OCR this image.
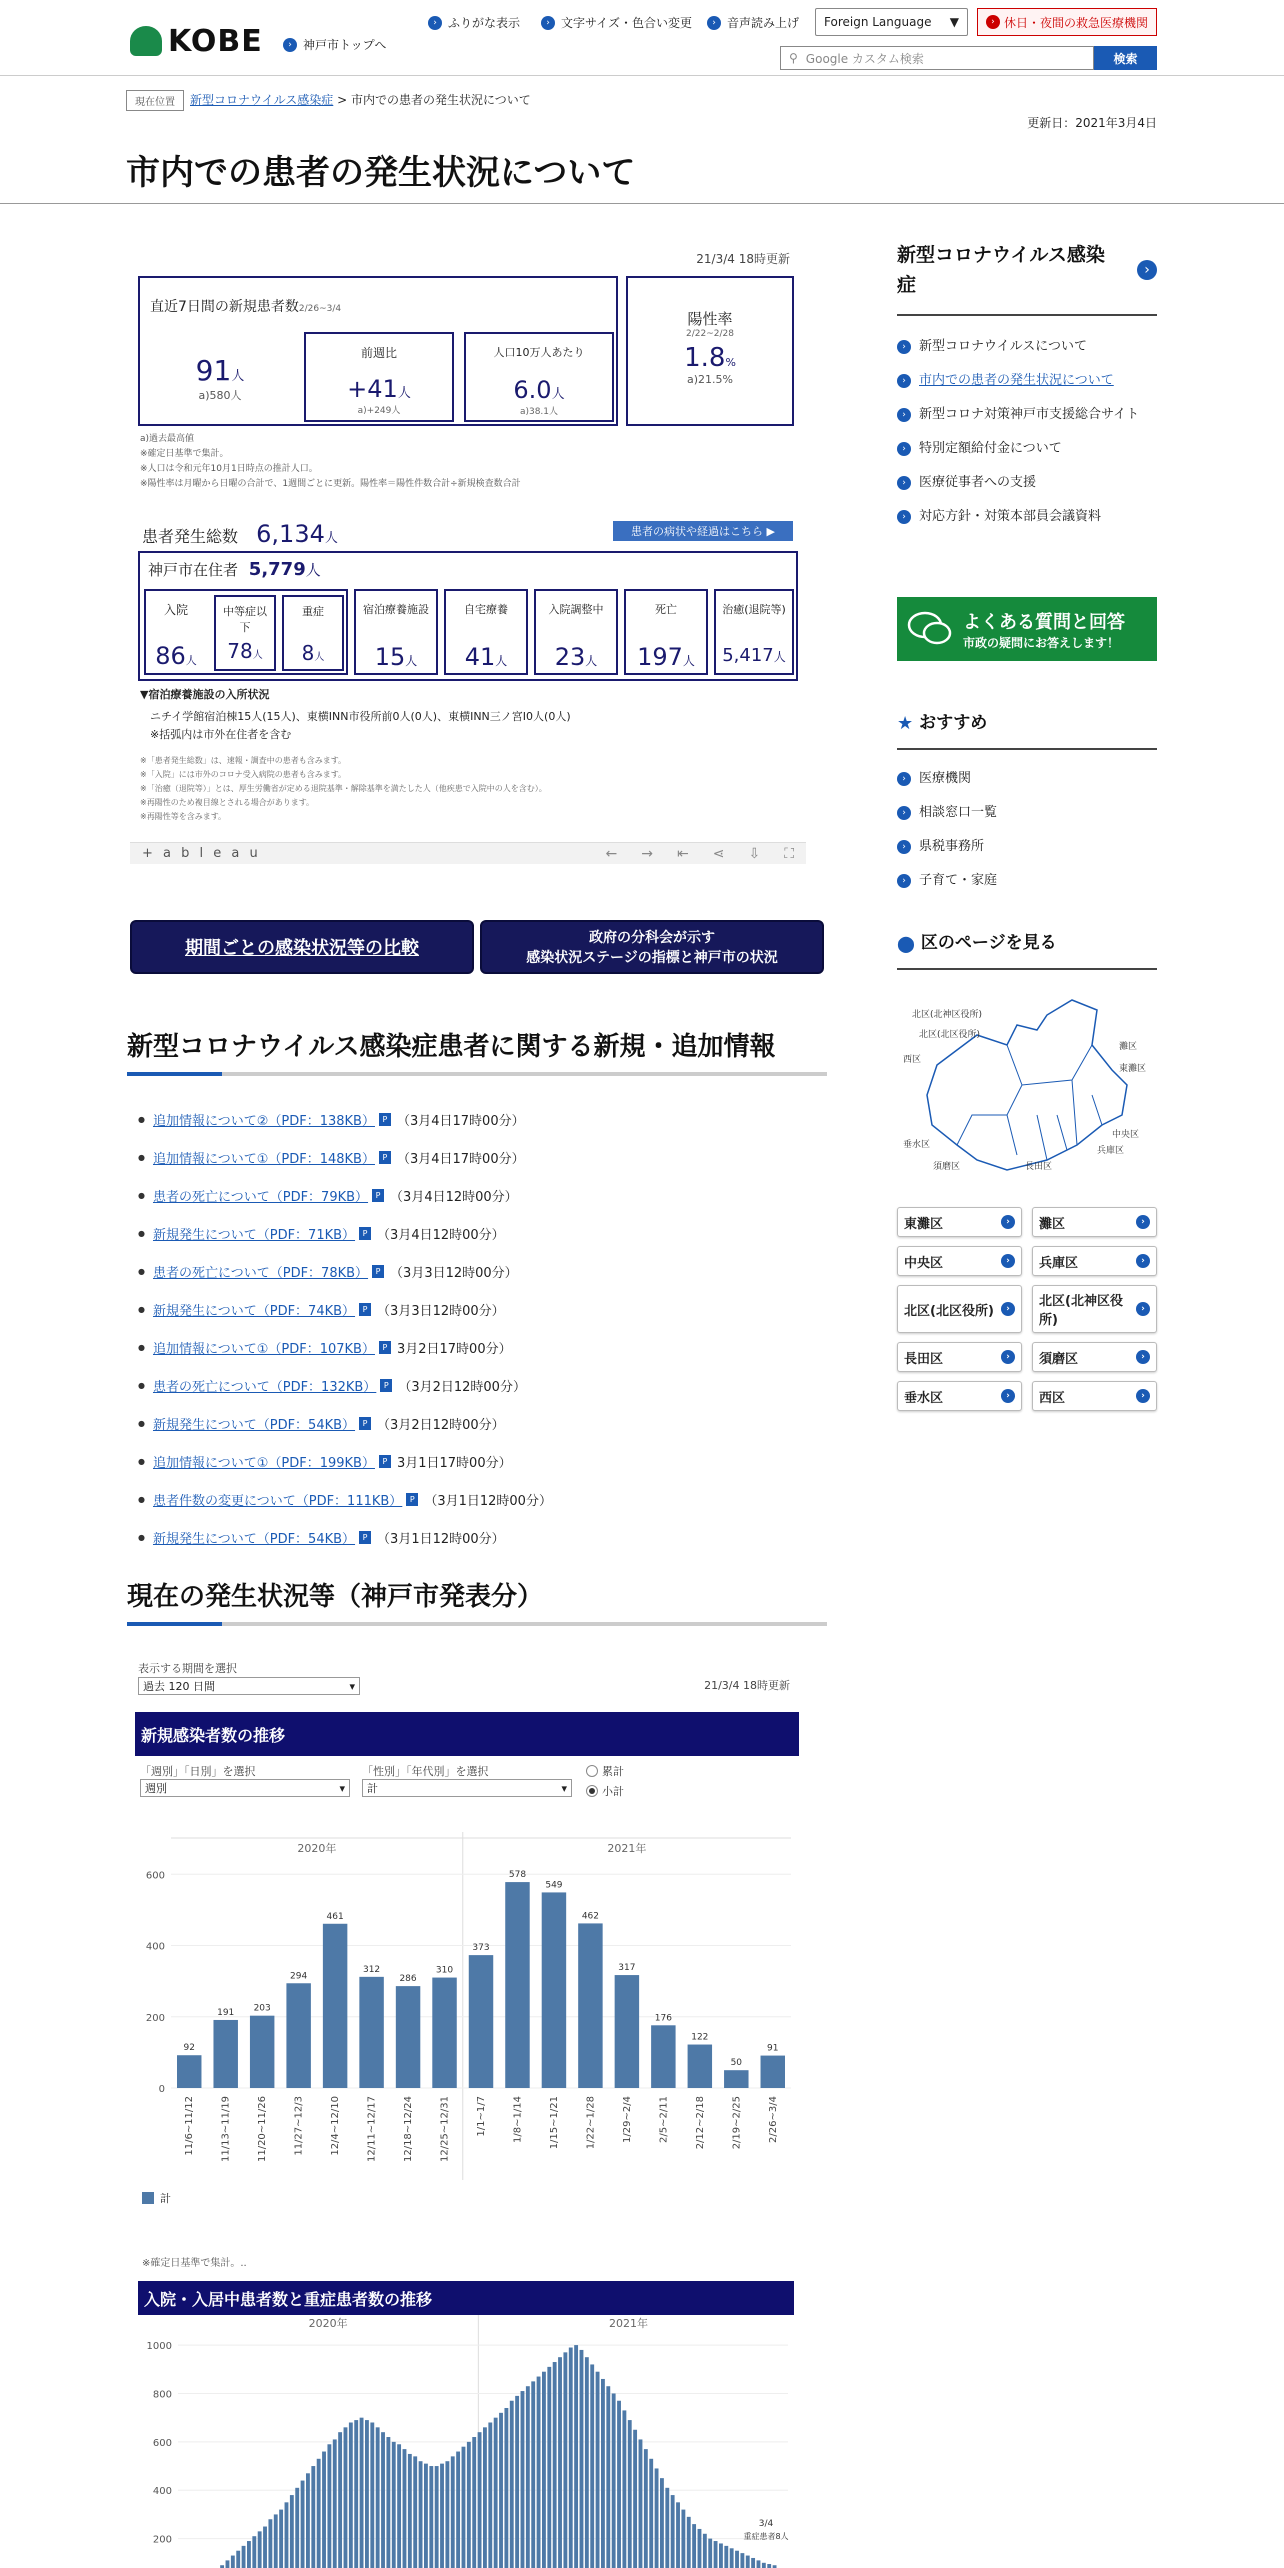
KOBE	› 神戸市トップへ
› ふりがな表示	› 文字サイズ・色合い変更	› 音声読み上げ Foreign Language ▼	› 休日・夜間の救急医療機関
⚲ Google カスタム検索	検索
現在位置	新型コロナウイルス感染症 > 市内での患者の発生状況について
更新日：2021年3月4日
市内での患者の発生状況について
21/3/4 18時更新
直近7日間の新規患者数2/26~3/4
91人
a)580人
前週比
+41人
a)+249人
人口10万人あたり
6.0人
a)38.1人
陽性率
2/22~2/28
1.8%
a)21.5%
a)過去最高値
※確定日基準で集計。
※人口は令和元年10月1日時点の推計人口。
※陽性率は月曜から日曜の合計で、1週間ごとに更新。陽性率＝陽性件数合計÷新規検査数合計
患者発生総数 6,134人	患者の病状や経過はこちら ▶
神戸市在住者 5,779人
入院
86人
中等症以下
78人
重症
8人
宿泊療養施設
15人
自宅療養
41人
入院調整中
23人
死亡
197人
治癒(退院等)
5,417人
▼宿泊療養施設の入所状況
ニチイ学館宿泊棟15人(15人)、東横INN市役所前0人(0人)、東横INN三ノ宮Ⅰ0人(0人)
※括弧内は市外在住者を含む
※「患者発生総数」は、速報・調査中の患者も含みます。
※「入院」には市外のコロナ受入病院の患者も含みます。
※「治癒（退院等）」とは、厚生労働省が定める退院基準・解除基準を満たした人（他疾患で入院中の人を含む）。
※再陽性のため複目線とされる場合があります。
※再陽性等を含みます。
+ a b l e a u	← → ⇤ ⋖ ⇩ ⛶
期間ごとの感染状況等の比較	政府の分科会が示す
感染状況ステージの指標と神戸市の状況
新型コロナウイルス感染症患者に関する新規・追加情報
● 追加情報について②（PDF：138KB） P （3月4日17時00分）
● 追加情報について①（PDF：148KB） P （3月4日17時00分）
● 患者の死亡について（PDF：79KB） P （3月4日12時00分）
● 新規発生について（PDF：71KB） P （3月4日12時00分）
● 患者の死亡について（PDF：78KB） P （3月3日12時00分）
● 新規発生について（PDF：74KB） P （3月3日12時00分）
● 追加情報について①（PDF：107KB） P 3月2日17時00分）
● 患者の死亡について（PDF：132KB） P （3月2日12時00分）
● 新規発生について（PDF：54KB） P （3月2日12時00分）
● 追加情報について①（PDF：199KB） P 3月1日17時00分）
● 患者件数の変更について（PDF：111KB） P （3月1日12時00分）
● 新規発生について（PDF：54KB） P （3月1日12時00分）
現在の発生状況等（神戸市発表分）
表示する期間を選択
過去 120 日間	▾	21/3/4 18時更新
新規感染者数の推移
「週別」「日別」を選択
週別	▾
「性別」「年代別」を選択
計	▾
累計
小計
2020年	2021年
0
200
400
600
92
11/6~11/12
191
11/13~11/19
203
11/20~11/26
294
11/27~12/3
461
12/4~12/10
312
12/11~12/17
286
12/18~12/24
310
12/25~12/31
373
1/1~1/7
578
1/8~1/14
549
1/15~1/21
462
1/22~1/28
317
1/29~2/4
176
2/5~2/11
122
2/12~2/18
50
2/19~2/25
91
2/26~3/4
計
※確定日基準で集計。..
入院・入居中患者数と重症患者数の推移
2020年	2021年
200
400
600
800
1000
3/4
重症患者8人
新型コロナウイルス感染症
›
›	新型コロナウイルスについて
›	市内での患者の発生状況について
›	新型コロナ対策神戸市支援総合サイト
›	特別定額給付金について
›	医療従事者への支援
›	対応方針・対策本部員会議資料
よくある質問と回答
市政の疑問にお答えします！
★ おすすめ
›	医療機関
›	相談窓口一覧
›	県税事務所
›	子育て・家庭
⬤ 区のページを見る
北区(北神区役所)
北区(北区役所)
西区
灘区
東灘区
垂水区
中央区
兵庫区
須磨区	長田区
東灘区	›	灘区	›
中央区	›	兵庫区	›
北区(北区役所)	›	北区(北神区役所)
›
長田区	›	須磨区	›
垂水区	›	西区	›
